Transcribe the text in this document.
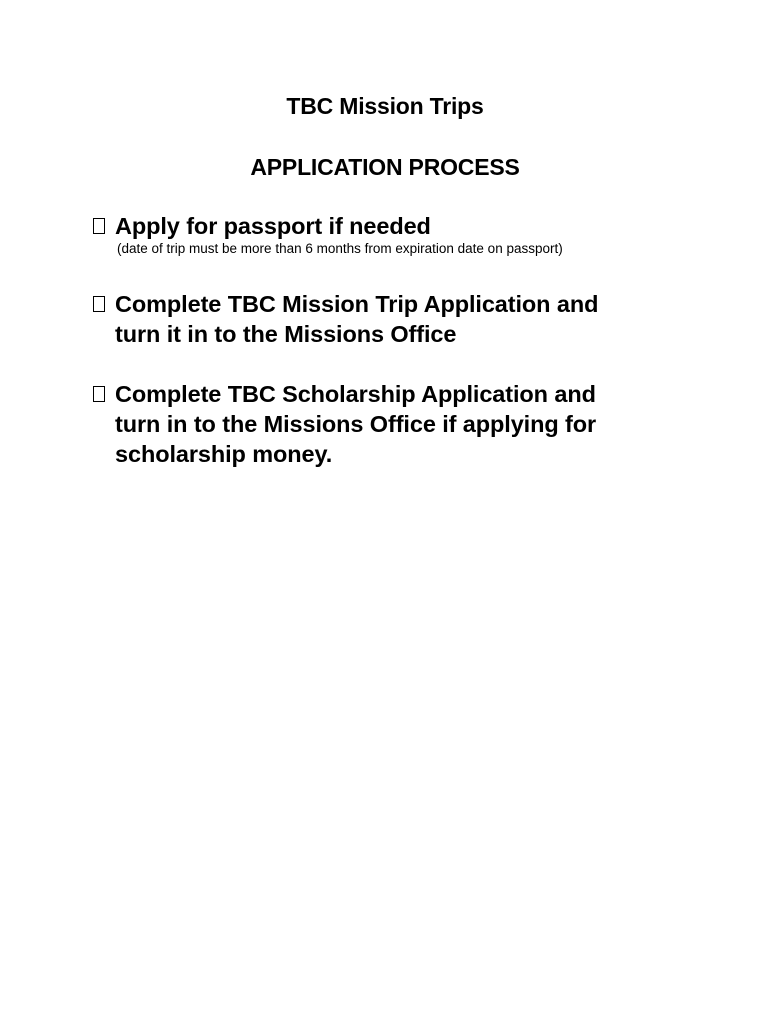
TBC Mission Trips
APPLICATION PROCESS
Apply for passport if needed
(date of trip must be more than 6 months from expiration date on passport)
Complete TBC Mission Trip Application and
turn it in to the Missions Office
Complete TBC Scholarship Application and
turn in to the Missions Office if applying for
scholarship money.
